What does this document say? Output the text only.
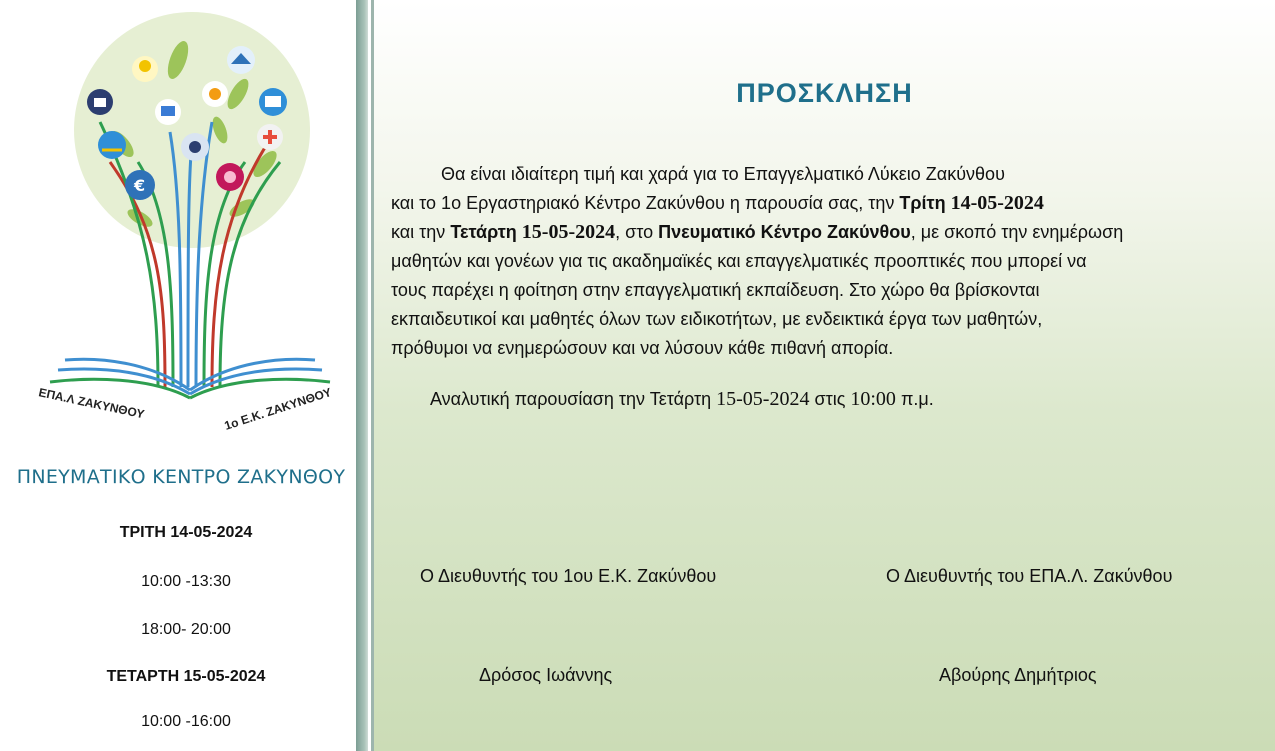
ΕΠΑ.Λ ΖΑΚΥΝΘΟΥ	1ο Ε.Κ. ΖΑΚΥΝΘΟΥ
€
ΠΝΕΥΜΑΤΙΚΟ ΚΕΝΤΡΟ ΖΑΚΥΝΘΟΥ
ΤΡΙΤΗ 14-05-2024
10:00 -13:30
18:00- 20:00
ΤΕΤΑΡΤΗ 15-05-2024
10:00 -16:00
ΠΡΟΣΚΛΗΣΗ

Θα είναι ιδιαίτερη τιμή και χαρά για το Επαγγελματικό Λύκειο Ζακύνθου

και το 1ο Εργαστηριακό Κέντρο Ζακύνθου η παρουσία σας, την Τρίτη 14-05-2024

και την Τετάρτη 15-05-2024, στο Πνευματικό Κέντρο Ζακύνθου, με σκοπό την ενημέρωση

μαθητών και γονέων για τις ακαδημαϊκές και επαγγελματικές προοπτικές που μπορεί να

τους παρέχει η φοίτηση στην επαγγελματική εκπαίδευση. Στο χώρο θα βρίσκονται

εκπαιδευτικοί και μαθητές όλων των ειδικοτήτων, με ενδεικτικά έργα των μαθητών,

πρόθυμοι να ενημερώσουν και να λύσουν κάθε πιθανή απορία.

Αναλυτική παρουσίαση την Τετάρτη 15-05-2024 στις 10:00 π.μ.
Ο Διευθυντής του 1ου Ε.Κ. Ζακύνθου	Ο Διευθυντής του ΕΠΑ.Λ. Ζακύνθου
Δρόσος Ιωάννης	Αβούρης Δημήτριος
